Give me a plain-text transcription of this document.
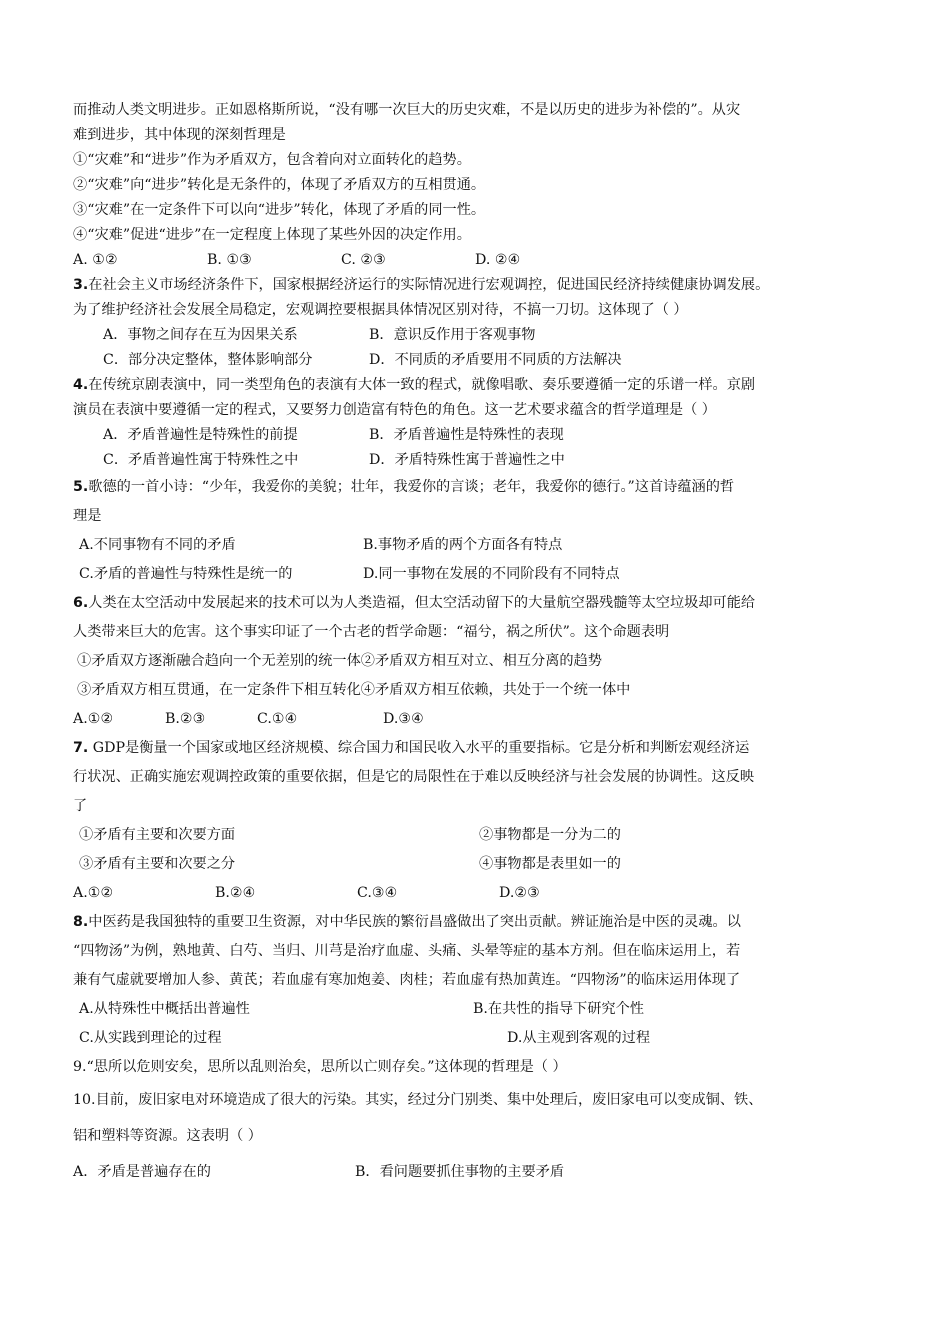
而推动人类文明进步。正如恩格斯所说，“没有哪一次巨大的历史灾难，不是以历史的进步为补偿的”。从灾
难到进步，其中体现的深刻哲理是
①“灾难”和“进步”作为矛盾双方，包含着向对立面转化的趋势。
②“灾难”向“进步”转化是无条件的，体现了矛盾双方的互相贯通。
③“灾难”在一定条件下可以向“进步”转化，体现了矛盾的同一性。
④“灾难”促进“进步”在一定程度上体现了某些外因的决定作用。
A. ①②	B. ①③	C. ②③	D. ②④
3.在社会主义市场经济条件下，国家根据经济运行的实际情况进行宏观调控，促进国民经济持续健康协调发展。
为了维护经济社会发展全局稳定，宏观调控要根据具体情况区别对待，不搞一刀切。这体现了（ ）
A．事物之间存在互为因果关系	B．意识反作用于客观事物
C．部分决定整体，整体影响部分	D．不同质的矛盾要用不同质的方法解决
4.在传统京剧表演中，同一类型角色的表演有大体一致的程式，就像唱歌、奏乐要遵循一定的乐谱一样。京剧
演员在表演中要遵循一定的程式，又要努力创造富有特色的角色。这一艺术要求蕴含的哲学道理是（ ）
A．矛盾普遍性是特殊性的前提	B．矛盾普遍性是特殊性的表现
C．矛盾普遍性寓于特殊性之中	D．矛盾特殊性寓于普遍性之中
5.歌德的一首小诗：“少年，我爱你的美貌；壮年，我爱你的言谈；老年，我爱你的德行。”这首诗蕴涵的哲
理是
A.不同事物有不同的矛盾	B.事物矛盾的两个方面各有特点
C.矛盾的普遍性与特殊性是统一的	D.同一事物在发展的不同阶段有不同特点
6.人类在太空活动中发展起来的技术可以为人类造福，但太空活动留下的大量航空器残髓等太空垃圾却可能给
人类带来巨大的危害。这个事实印证了一个古老的哲学命题：“福兮，祸之所伏”。这个命题表明
①矛盾双方逐渐融合趋向一个无差别的统一体②矛盾双方相互对立、相互分离的趋势
③矛盾双方相互贯通，在一定条件下相互转化④矛盾双方相互依赖，共处于一个统一体中
A.①②	B.②③	C.①④	D.③④
7. GDP是衡量一个国家或地区经济规模、综合国力和国民收入水平的重要指标。它是分析和判断宏观经济运
行状况、正确实施宏观调控政策的重要依据，但是它的局限性在于难以反映经济与社会发展的协调性。这反映
了
①矛盾有主要和次要方面	②事物都是一分为二的
③矛盾有主要和次要之分	④事物都是表里如一的
A.①②	B.②④	C.③④	D.②③
8.中医药是我国独特的重要卫生资源，对中华民族的繁衍昌盛做出了突出贡献。辨证施治是中医的灵魂。以
“四物汤”为例，熟地黄、白芍、当归、川芎是治疗血虚、头痛、头晕等症的基本方剂。但在临床运用上，若
兼有气虚就要增加人参、黄芪；若血虚有寒加炮姜、肉桂；若血虚有热加黄连。“四物汤”的临床运用体现了
A.从特殊性中概括出普遍性	B.在共性的指导下研究个性
C.从实践到理论的过程	D.从主观到客观的过程
9.“思所以危则安矣，思所以乱则治矣，思所以亡则存矣。”这体现的哲理是（ ）
10.目前，废旧家电对环境造成了很大的污染。其实，经过分门别类、集中处理后，废旧家电可以变成铜、铁、
铝和塑料等资源。这表明（ ）
A．矛盾是普遍存在的	B．看问题要抓住事物的主要矛盾
